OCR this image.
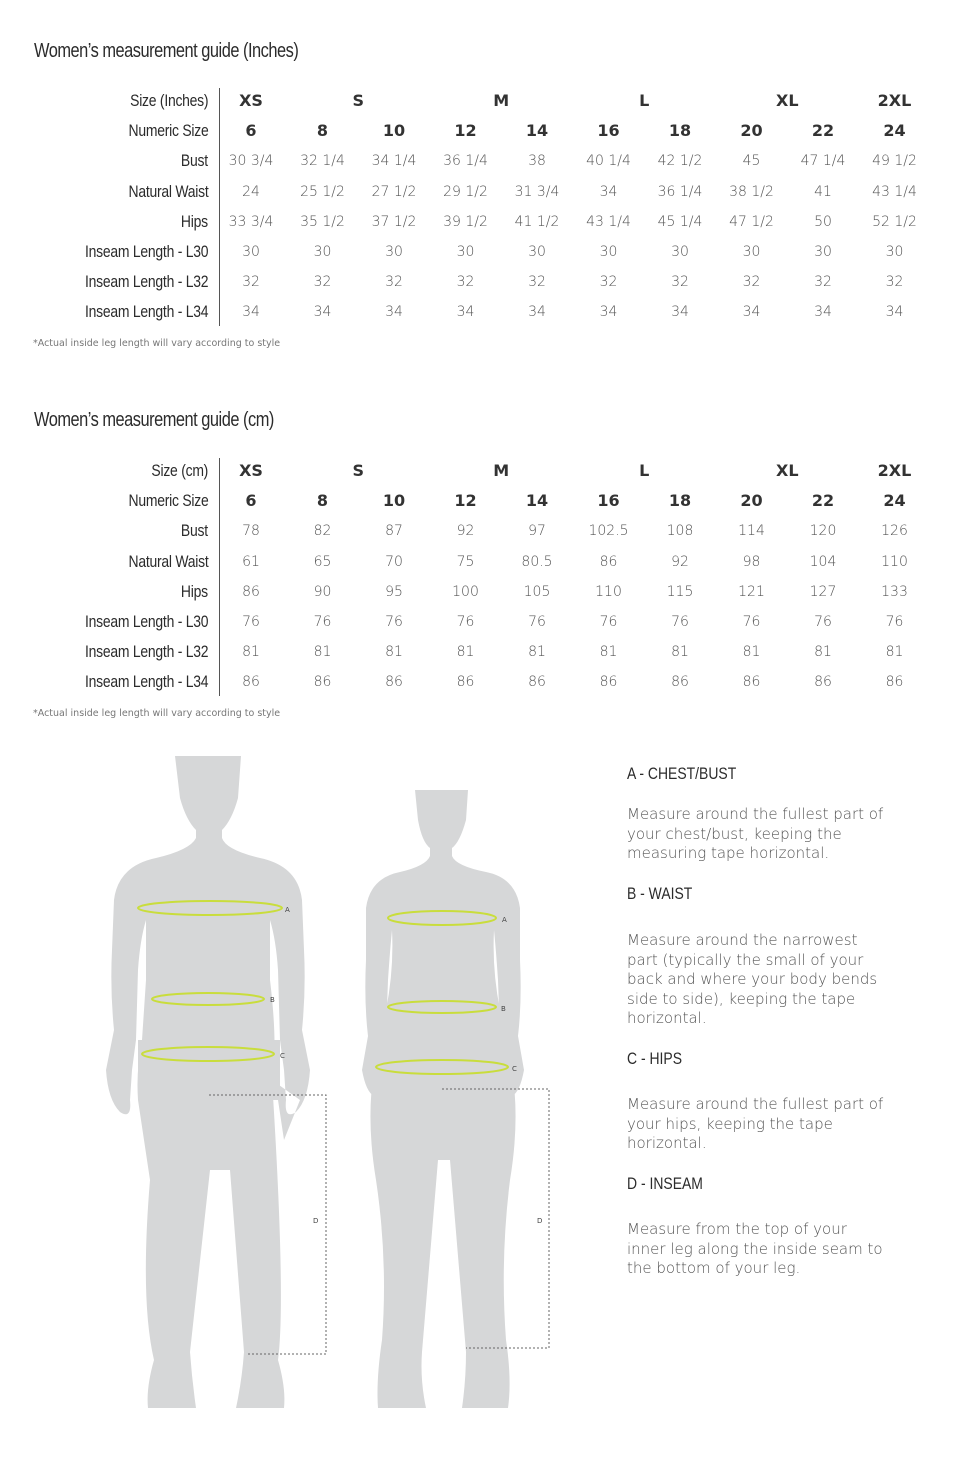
Women’s measurement guide (Inches)
Size (Inches)	XS	S	M	L	XL	2XL
Numeric Size	6	8	10	12	14	16	18	20	22	24
Bust	30 3/4	32 1/4	34 1/4	36 1/4	38	40 1/4	42 1/2	45	47 1/4	49 1/2
Natural Waist	24	25 1/2	27 1/2	29 1/2	31 3/4	34	36 1/4	38 1/2	41	43 1/4
Hips	33 3/4	35 1/2	37 1/2	39 1/2	41 1/2	43 1/4	45 1/4	47 1/2	50	52 1/2
Inseam Length - L30	30	30	30	30	30	30	30	30	30	30
Inseam Length - L32	32	32	32	32	32	32	32	32	32	32
Inseam Length - L34	34	34	34	34	34	34	34	34	34	34
*Actual inside leg length will vary according to style
Women’s measurement guide (cm)
Size (cm)	XS	S	M	L	XL	2XL
Numeric Size	6	8	10	12	14	16	18	20	22	24
Bust	78	82	87	92	97	102.5	108	114	120	126
Natural Waist	61	65	70	75	80.5	86	92	98	104	110
Hips	86	90	95	100	105	110	115	121	127	133
Inseam Length - L30	76	76	76	76	76	76	76	76	76	76
Inseam Length - L32	81	81	81	81	81	81	81	81	81	81
Inseam Length - L34	86	86	86	86	86	86	86	86	86	86
*Actual inside leg length will vary according to style
A
B
C
D
A
B
C
D
A - CHEST/BUST
Measure around the fullest part of your chest/bust, keeping the measuring tape horizontal.
B - WAIST
Measure around the narrowest part (typically the small of your back and where your body bends side to side), keeping the tape horizontal.
C - HIPS
Measure around the fullest part of your hips, keeping the tape horizontal.
D - INSEAM
Measure from the top of your inner leg along the inside seam to the bottom of your leg.
